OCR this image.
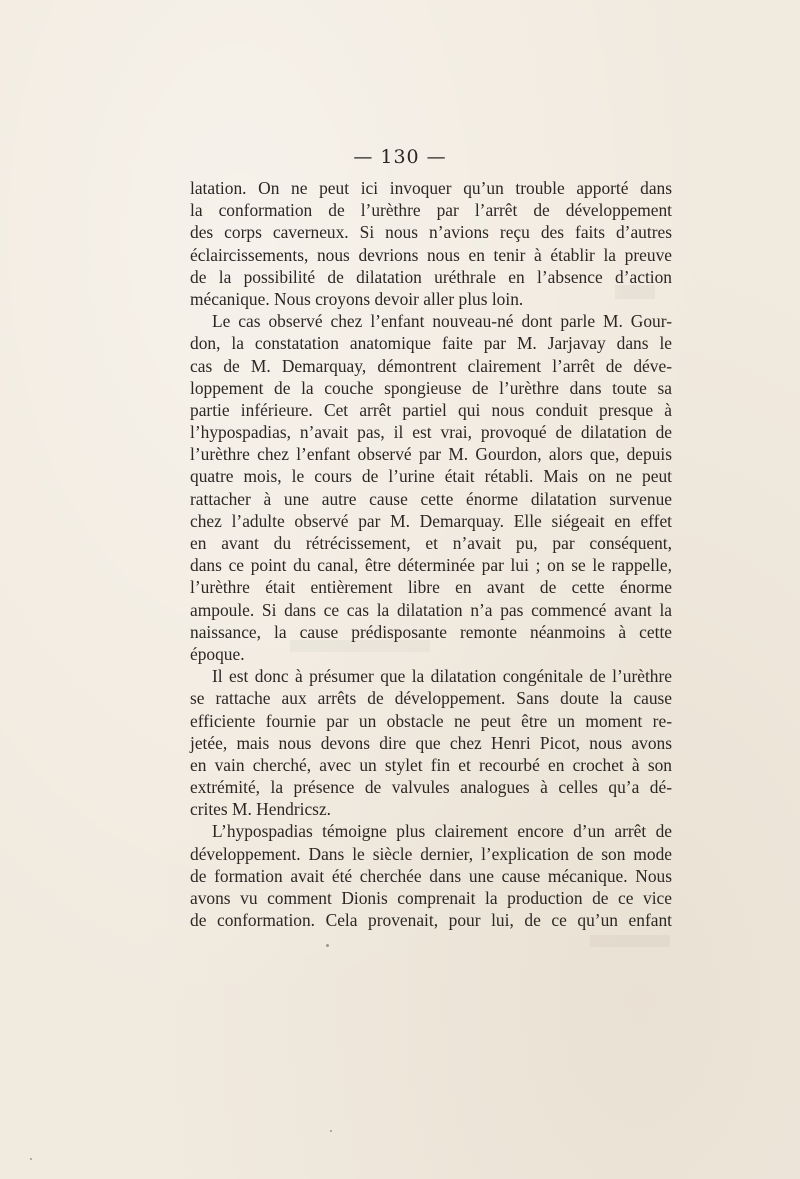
— 130 —
latation. On ne peut ici invoquer qu’un trouble apporté dans
la conformation de l’urèthre par l’arrêt de développement
des corps caverneux. Si nous n’avions reçu des faits d’autres
éclaircissements, nous devrions nous en tenir à établir la preuve
de la possibilité de dilatation uréthrale en l’absence d’action
mécanique. Nous croyons devoir aller plus loin.
Le cas observé chez l’enfant nouveau-né dont parle M. Gour-
don, la constatation anatomique faite par M. Jarjavay dans le
cas de M. Demarquay, démontrent clairement l’arrêt de déve-
loppement de la couche spongieuse de l’urèthre dans toute sa
partie inférieure. Cet arrêt partiel qui nous conduit presque à
l’hypospadias, n’avait pas, il est vrai, provoqué de dilatation de
l’urèthre chez l’enfant observé par M. Gourdon, alors que, depuis
quatre mois, le cours de l’urine était rétabli. Mais on ne peut
rattacher à une autre cause cette énorme dilatation survenue
chez l’adulte observé par M. Demarquay. Elle siégeait en effet
en avant du rétrécissement, et n’avait pu, par conséquent,
dans ce point du canal, être déterminée par lui ; on se le rappelle,
l’urèthre était entièrement libre en avant de cette énorme
ampoule. Si dans ce cas la dilatation n’a pas commencé avant la
naissance, la cause prédisposante remonte néanmoins à cette
époque.
Il est donc à présumer que la dilatation congénitale de l’urèthre
se rattache aux arrêts de développement. Sans doute la cause
efficiente fournie par un obstacle ne peut être un moment re-
jetée, mais nous devons dire que chez Henri Picot, nous avons
en vain cherché, avec un stylet fin et recourbé en crochet à son
extrémité, la présence de valvules analogues à celles qu’a dé-
crites M. Hendricsz.
L’hypospadias témoigne plus clairement encore d’un arrêt de
développement. Dans le siècle dernier, l’explication de son mode
de formation avait été cherchée dans une cause mécanique. Nous
avons vu comment Dionis comprenait la production de ce vice
de conformation. Cela provenait, pour lui, de ce qu’un enfant
